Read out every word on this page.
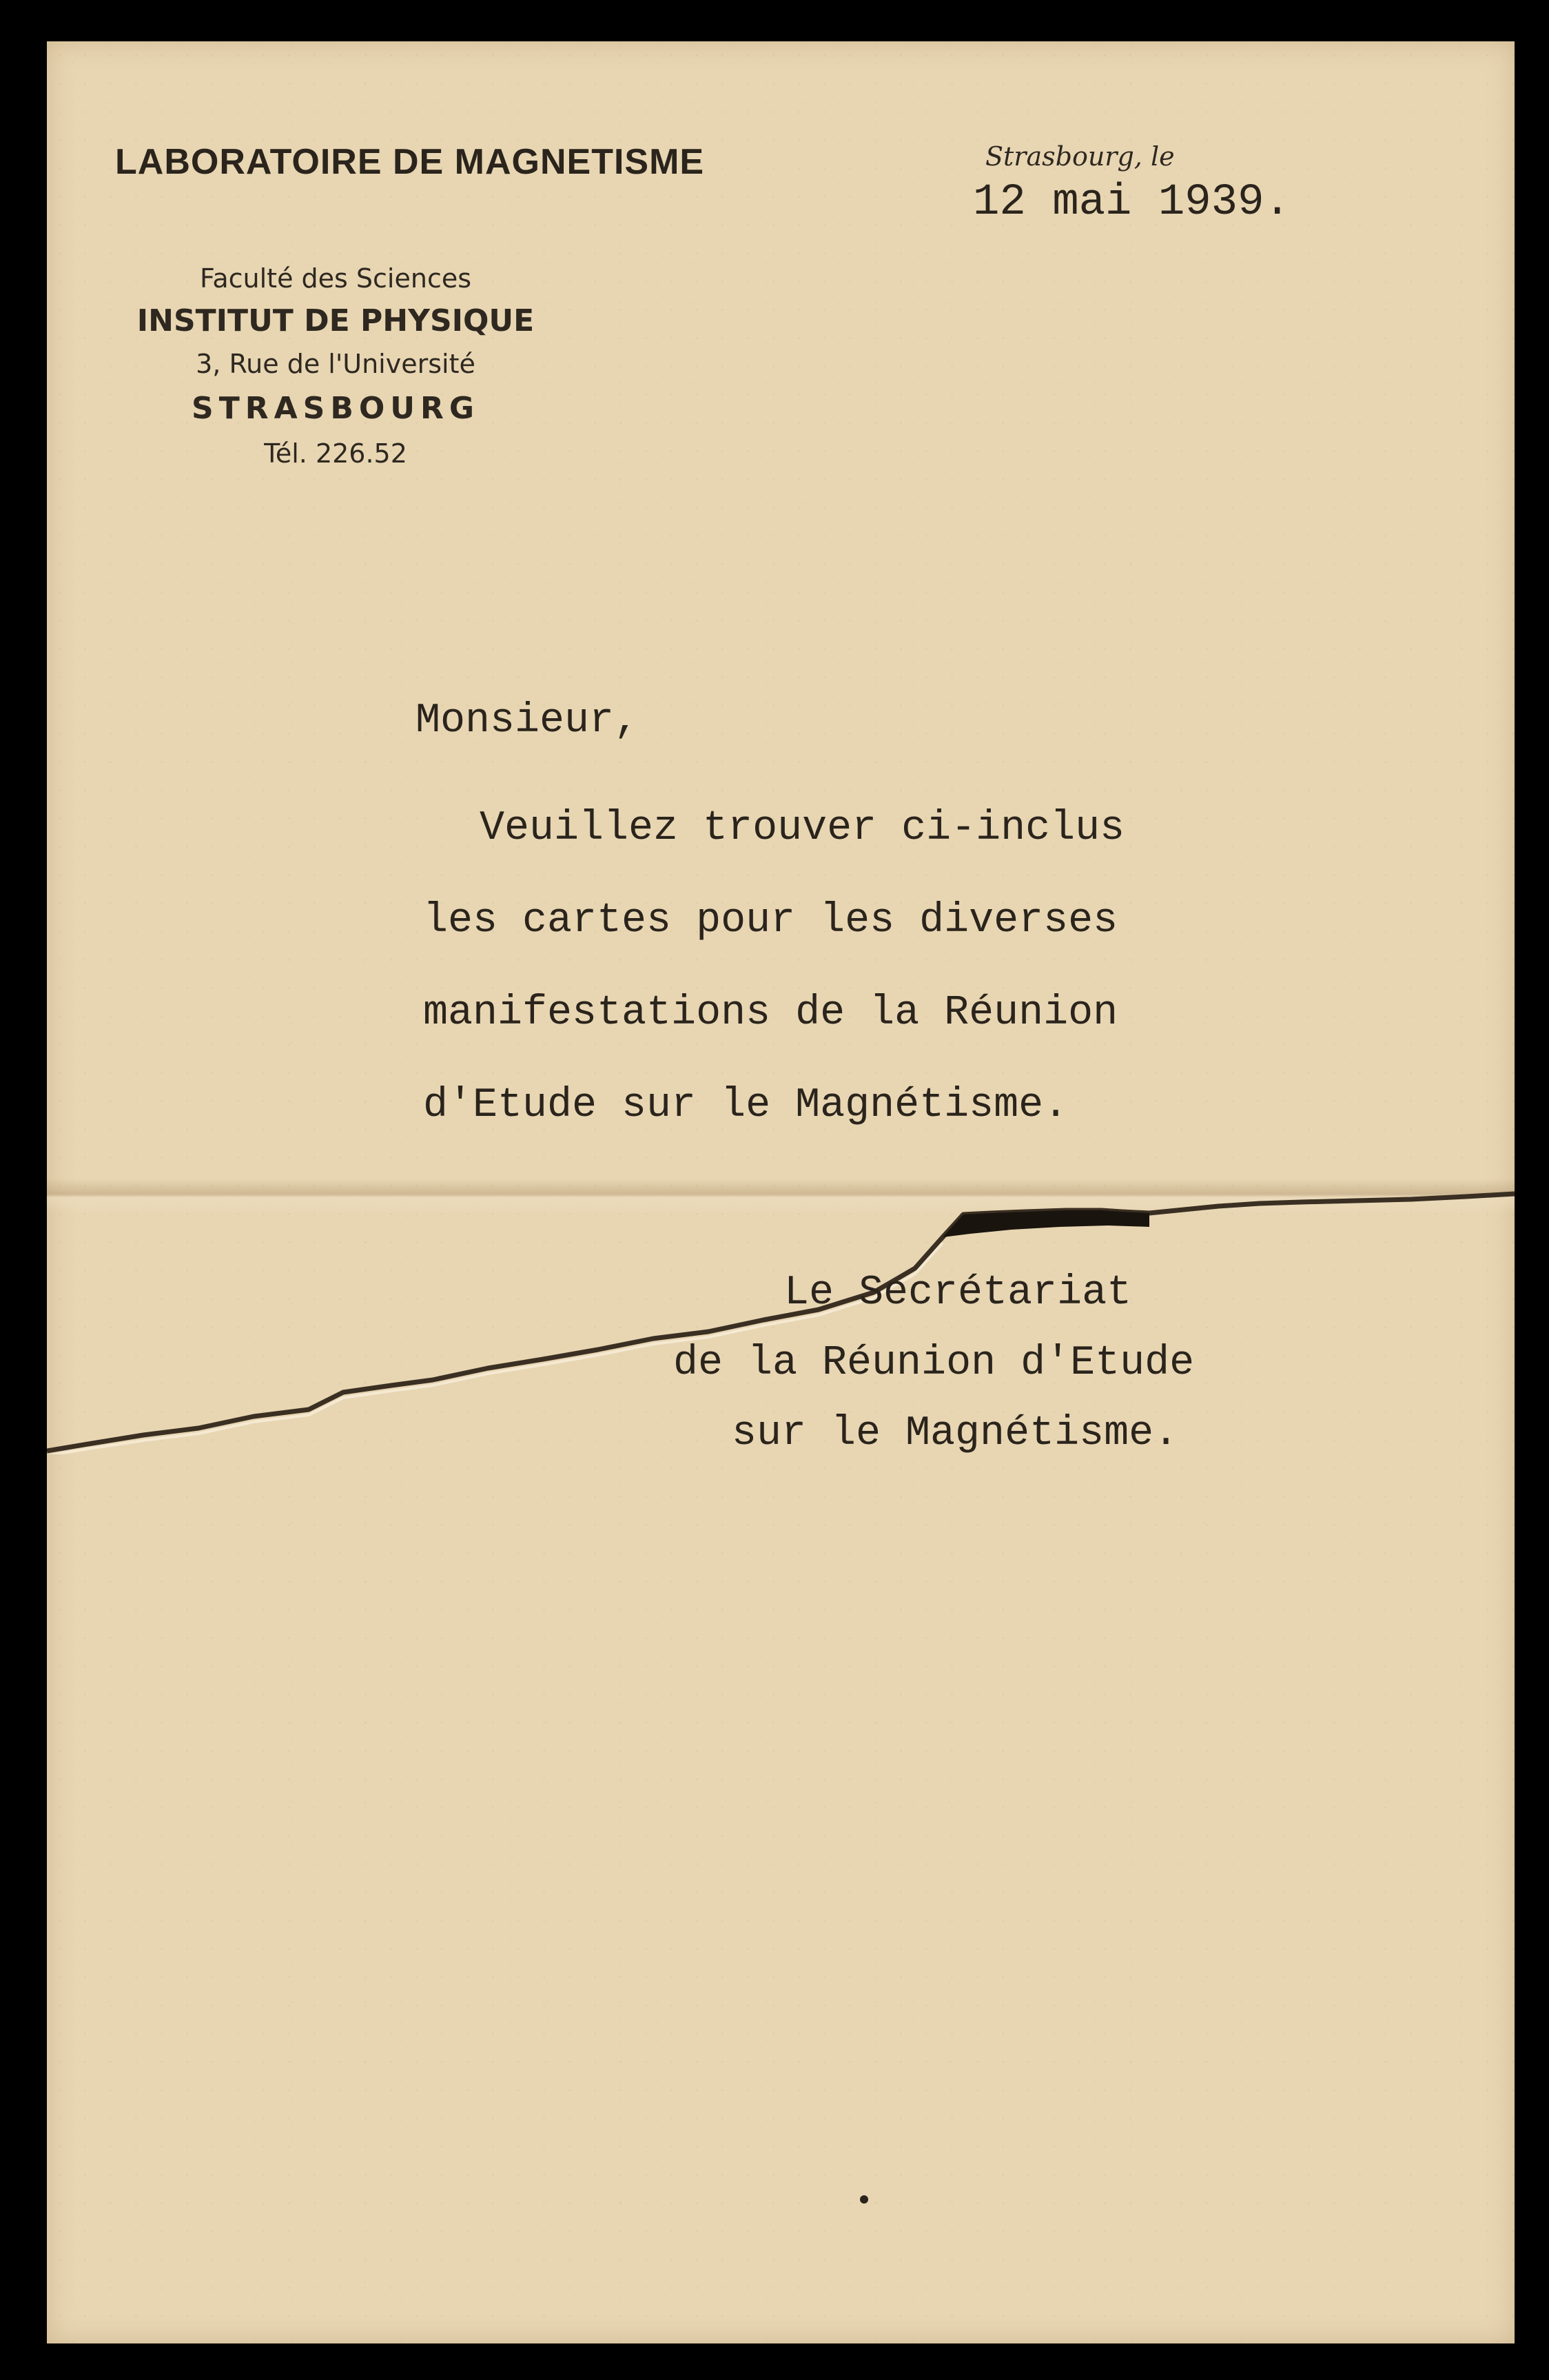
LABORATOIRE DE MAGNETISME
Faculté des Sciences
INSTITUT DE PHYSIQUE
3, Rue de l'Université
STRASBOURG
Tél. 226.52
Strasbourg, le
12 mai 1939.
Monsieur,
Veuillez trouver ci-inclus
les cartes pour les diverses
manifestations de la Réunion
d'Etude sur le Magnétisme.
Le Secrétariat
de la Réunion d'Etude
sur le Magnétisme.
